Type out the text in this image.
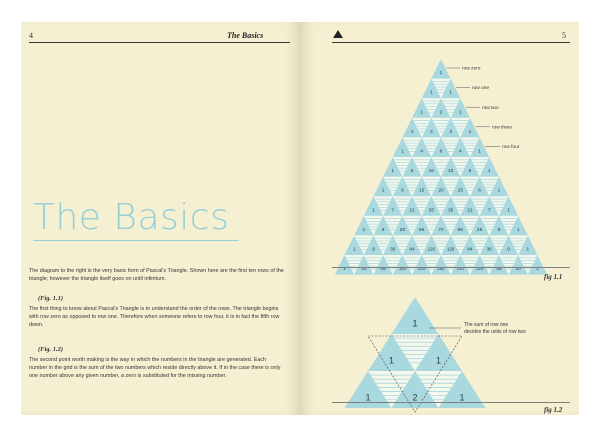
4	The Basics
The Basics

The diagram to the right is the very basic form of Pascal's Triangle. Shown here are the first ten rows of the triangle; however the triangle itself goes on until infinitum.

(Fig. 1.1)

The first thing to know about Pascal's Triangle is to understand the order of the rows. The triangle begins with row zero as opposed to row one. Therefore when someone refers to row four, it is in fact the fifth row down.

(Fig. 1.2)

The second point worth making is the way in which the numbers in the triangle are generated. Each number in the grid is the sum of the two numbers which reside directly above it. If in the case there is only one number above any given number, a zero is substituted for the missing number.

5
1
1	1
1	2	1
1	3	3	1
1	4	6	4	1
1	5	10	10	5	1
1	6	15	20	15	6	1
1	7	21	35	35	21	7	1
1	8	28	56	70	56	28	8	1
1	9	36	84	126	126	84	36	9	1
1	10	45	120	210	252	210	120	45	10	1
row zero
row one
row two
row three
row four
fig 1.1
1
1	1
1	2	1
The sum of row one
decides the units of row two
fig 1.2
